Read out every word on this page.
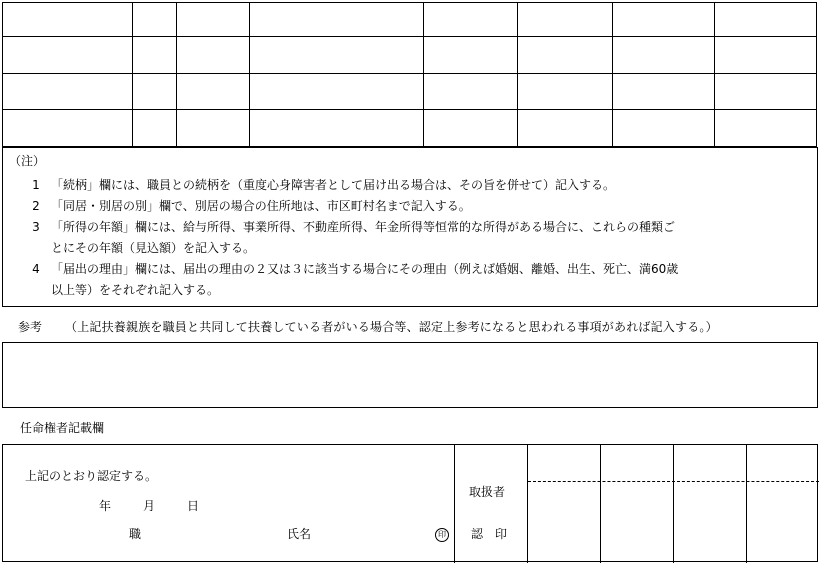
（注）
1 「続柄」欄には、職員との続柄を（重度心身障害者として届け出る場合は、その旨を併せて）記入する。
2 「同居・別居の別」欄で、別居の場合の住所地は、市区町村名まで記入する。
3 「所得の年額」欄には、給与所得、事業所得、不動産所得、年金所得等恒常的な所得がある場合に、これらの種類ご
とにその年額（見込額）を記入する。
4 「届出の理由」欄には、届出の理由の２又は３に該当する場合にその理由（例えば婚姻、離婚、出生、死亡、満60歳
以上等）をそれぞれ記入する。
参考 （上記扶養親族を職員と共同して扶養している者がいる場合等、認定上参考になると思われる事項があれば記入する。）
任命権者記載欄
上記のとおり認定する。
年	月	日
職	氏名	印
取扱者
認　印
